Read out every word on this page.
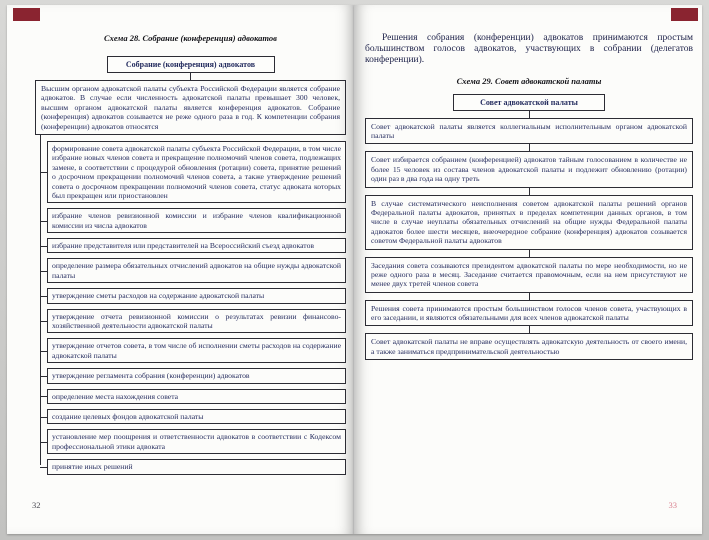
Схема 28. Собрание (конференция) адвокатов
Собрание (конференция) адвокатов
Высшим органом адвокатской палаты субъекта Российской Федерации является собрание адвокатов. В случае если численность адвокатской палаты превышает 300 человек, высшим органом адвокатской палаты является конференция адвокатов. Собрание (конференция) адвокатов созывается не реже одного раза в год. К компетенции собрания (конференции) адвокатов относятся
формирование совета адвокатской палаты субъекта Российской Федерации, в том числе избрание новых членов совета и прекращение полномочий членов совета, подлежащих замене, в соответствии с процедурой обновления (ротации) совета, принятие решений о досрочном прекращении полномочий членов совета, а также утверждение решений совета о досрочном прекращении полномочий членов совета, статус адвоката которых был прекращен или приостановлен
избрание членов ревизионной комиссии и избрание членов квалификационной комиссии из числа адвокатов
избрание представителя или представителей на Всероссийский съезд адвокатов
определение размера обязательных отчислений адвокатов на общие нужды адвокатской палаты
утверждение сметы расходов на содержание адвокатской палаты
утверждение отчета ревизионной комиссии о результатах ревизии финансово-хозяйственной деятельности адвокатской палаты
утверждение отчетов совета, в том числе об исполнении сметы расходов на содержание адвокатской палаты
утверждение регламента собрания (конференции) адвокатов
определение места нахождения совета
создание целевых фондов адвокатской палаты
установление мер поощрения и ответственности адвокатов в соответствии с Кодексом профессиональной этики адвоката
принятие иных решений
32

Решения собрания (конференции) адвокатов принимаются простым большинством голосов адвокатов, участвующих в собрании (делегатов конференции).

Схема 29. Совет адвокатской палаты
Совет адвокатской палаты
Совет адвокатской палаты является коллегиальным исполнительным органом адвокатской палаты
Совет избирается собранием (конференцией) адвокатов тайным голосованием в количестве не более 15 человек из состава членов адвокатской палаты и подлежит обновлению (ротации) один раз в два года на одну треть
В случае систематического неисполнения советом адвокатской палаты решений органов Федеральной палаты адвокатов, принятых в пределах компетенции данных органов, в том числе в случае неуплаты обязательных отчислений на общие нужды Федеральной палаты адвокатов более шести месяцев, внеочередное собрание (конференция) адвокатов созывается советом Федеральной палаты адвокатов
Заседания совета созываются президентом адвокатской палаты по мере необходимости, но не реже одного раза в месяц. Заседание считается правомочным, если на нем присутствуют не менее двух третей членов совета
Решения совета принимаются простым большинством голосов членов совета, участвующих в его заседании, и являются обязательными для всех членов адвокатской палаты
Совет адвокатской палаты не вправе осуществлять адвокатскую деятельность от своего имени, а также заниматься предпринимательской деятельностью
33
